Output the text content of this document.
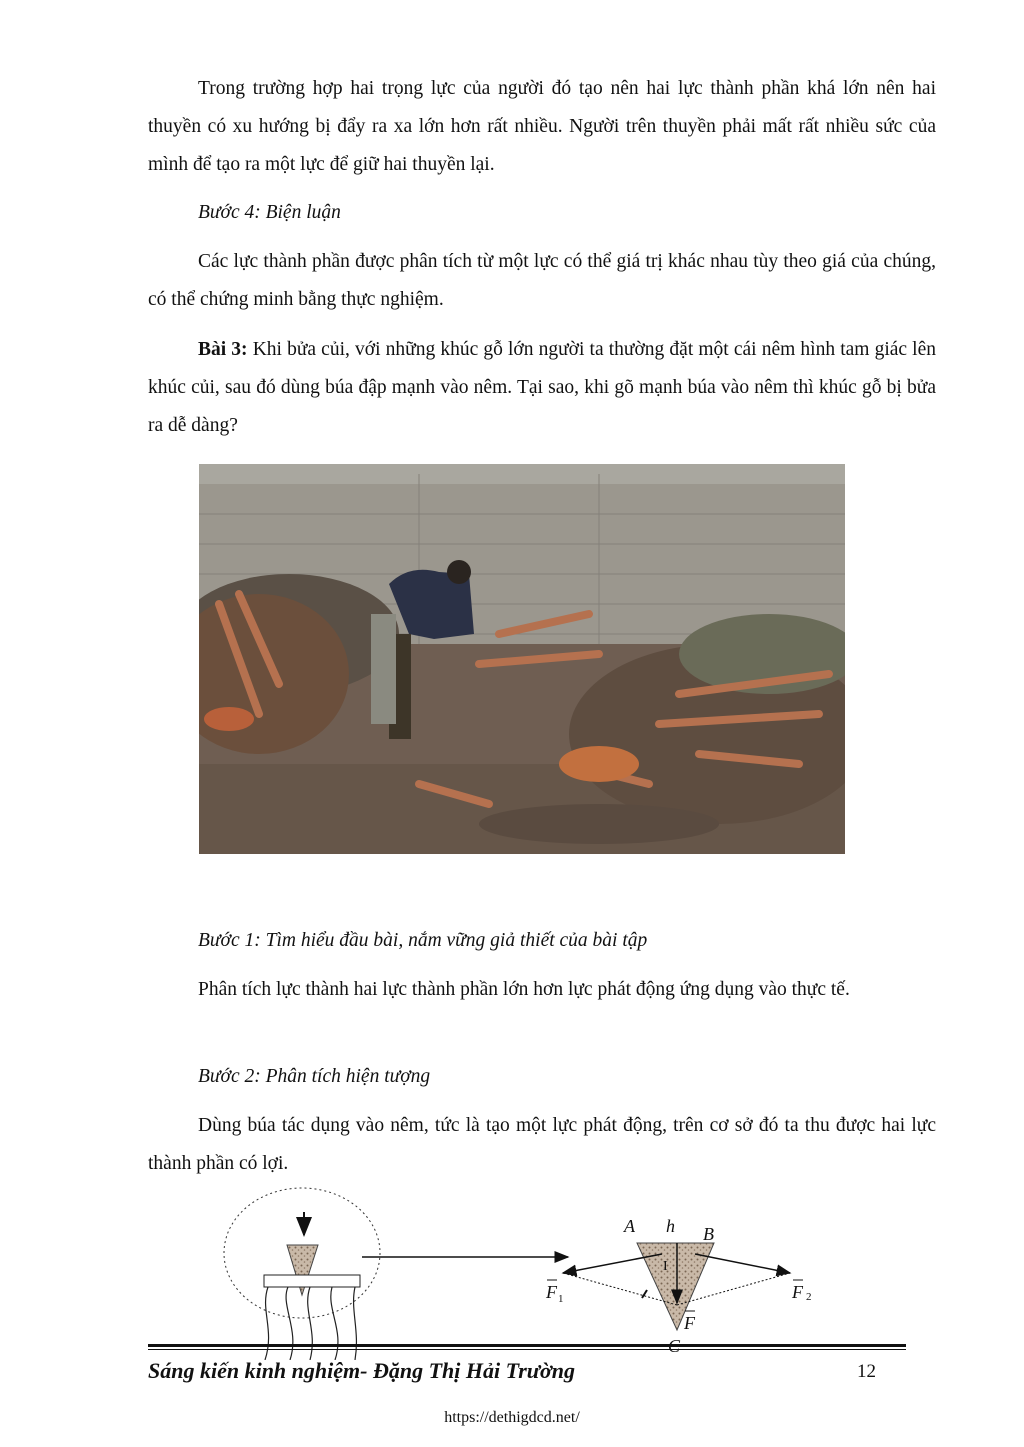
Trong trường hợp hai trọng lực của người đó tạo nên hai lực thành phần khá lớn nên hai thuyền có xu hướng bị đẩy ra xa lớn hơn rất nhiều. Người trên thuyền phải mất rất nhiều sức của mình để tạo ra một lực để giữ hai thuyền lại.

Bước 4: Biện luận

Các lực thành phần được phân tích từ một lực có thể giá trị khác nhau tùy theo giá của chúng, có thể chứng minh bằng thực nghiệm.

Bài 3: Khi bửa củi, với những khúc gỗ lớn người ta thường đặt một cái nêm hình tam giác lên khúc củi, sau đó dùng búa đập mạnh vào nêm. Tại sao, khi gõ mạnh búa vào nêm thì khúc gỗ bị bửa ra dễ dàng?

Bước 1: Tìm hiểu đầu bài, nắm vững giả thiết của bài tập

Phân tích lực thành hai lực thành phần lớn hơn lực phát động ứng dụng vào thực tế.

Bước 2: Phân tích hiện tượng

Dùng búa tác dụng vào nêm, tức là tạo một lực phát động, trên cơ sở đó ta thu được hai lực thành phần có lợi.

A h B
I
F 1	F 2
F
Sáng kiến kinh nghiệm- Đặng Thị Hải Trường	12
https://dethigdcd.net/
